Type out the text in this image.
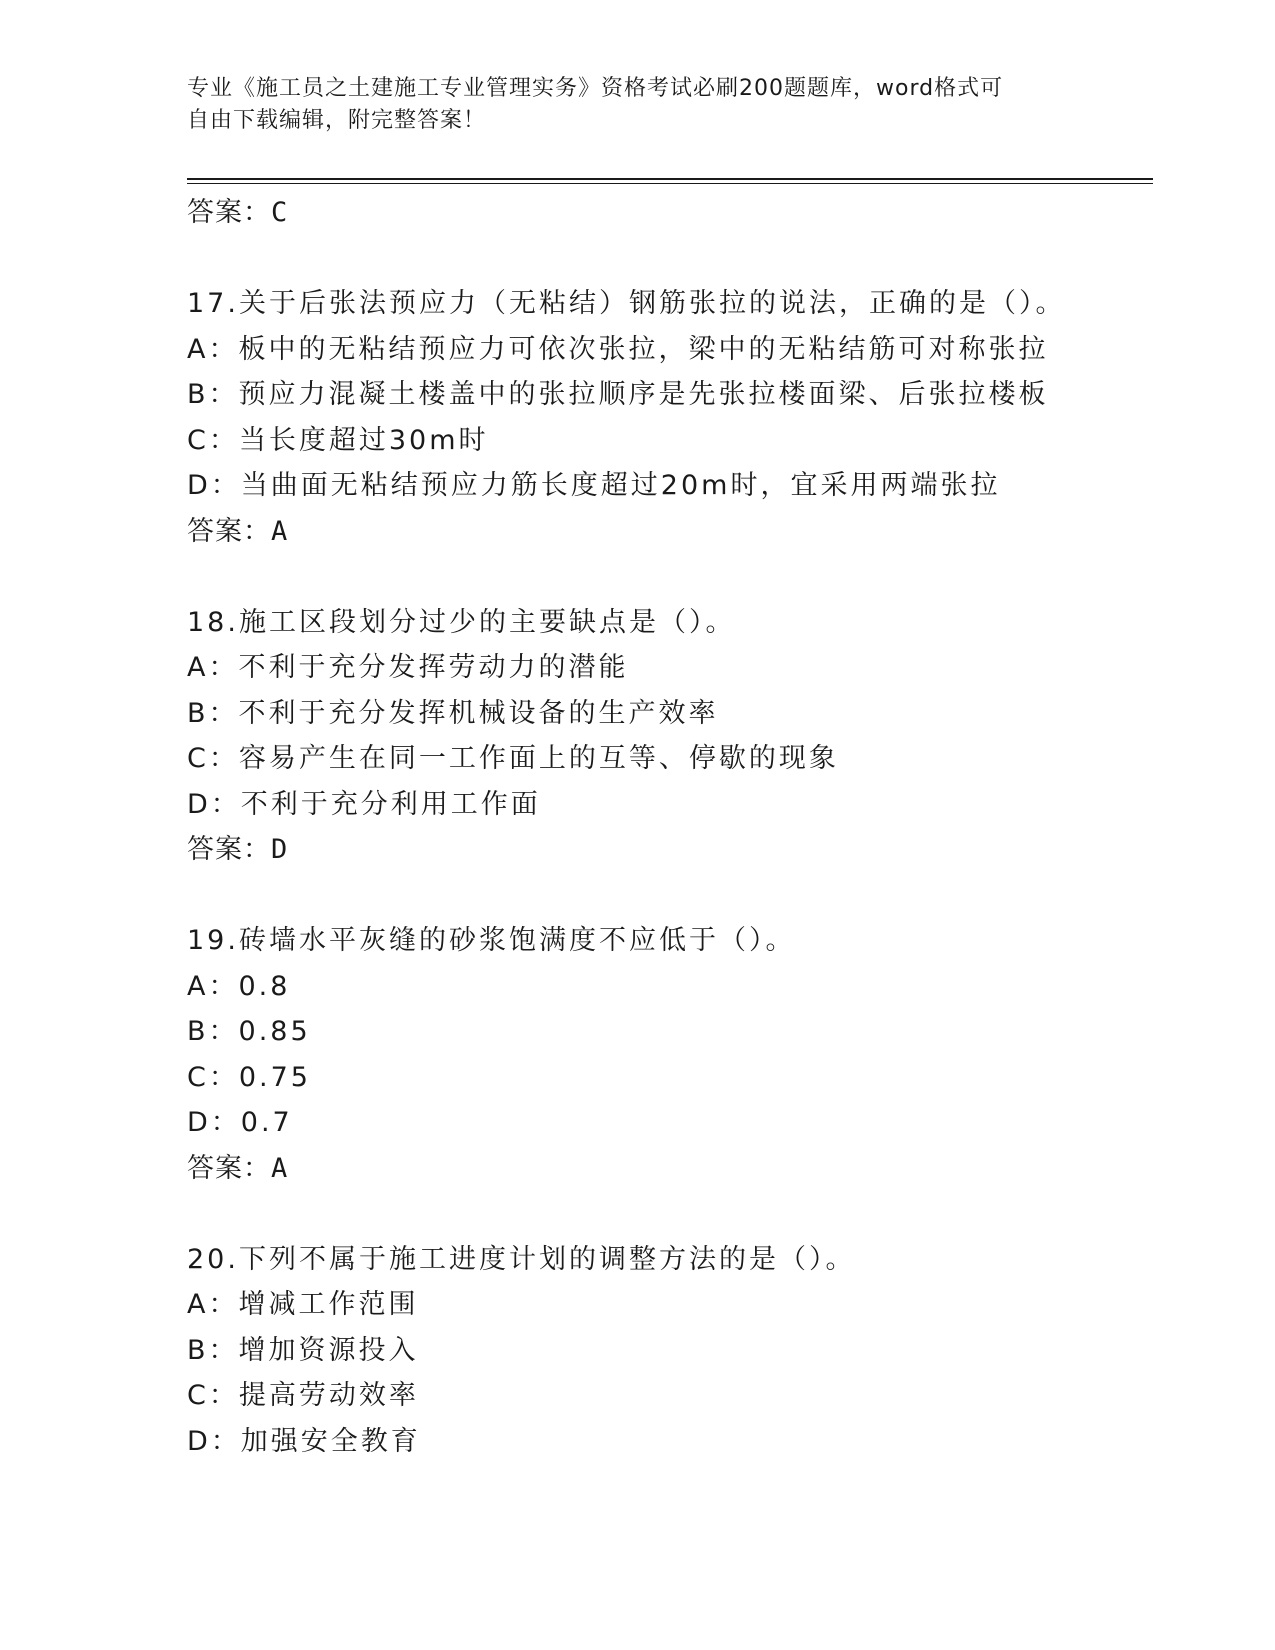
专业《施工员之土建施工专业管理实务》资格考试必刷200题题库，word格式可
自由下载编辑，附完整答案！
答案：C
17.关于后张法预应力（无粘结）钢筋张拉的说法，正确的是（）。
A：板中的无粘结预应力可依次张拉，梁中的无粘结筋可对称张拉
B：预应力混凝土楼盖中的张拉顺序是先张拉楼面梁、后张拉楼板
C：当长度超过30m时
D：当曲面无粘结预应力筋长度超过20m时，宜采用两端张拉
答案：A
18.施工区段划分过少的主要缺点是（）。
A：不利于充分发挥劳动力的潜能
B：不利于充分发挥机械设备的生产效率
C：容易产生在同一工作面上的互等、停歇的现象
D：不利于充分利用工作面
答案：D
19.砖墙水平灰缝的砂浆饱满度不应低于（）。
A：0.8
B：0.85
C：0.75
D：0.7
答案：A
20.下列不属于施工进度计划的调整方法的是（）。
A：增减工作范围
B：增加资源投入
C：提高劳动效率
D：加强安全教育
